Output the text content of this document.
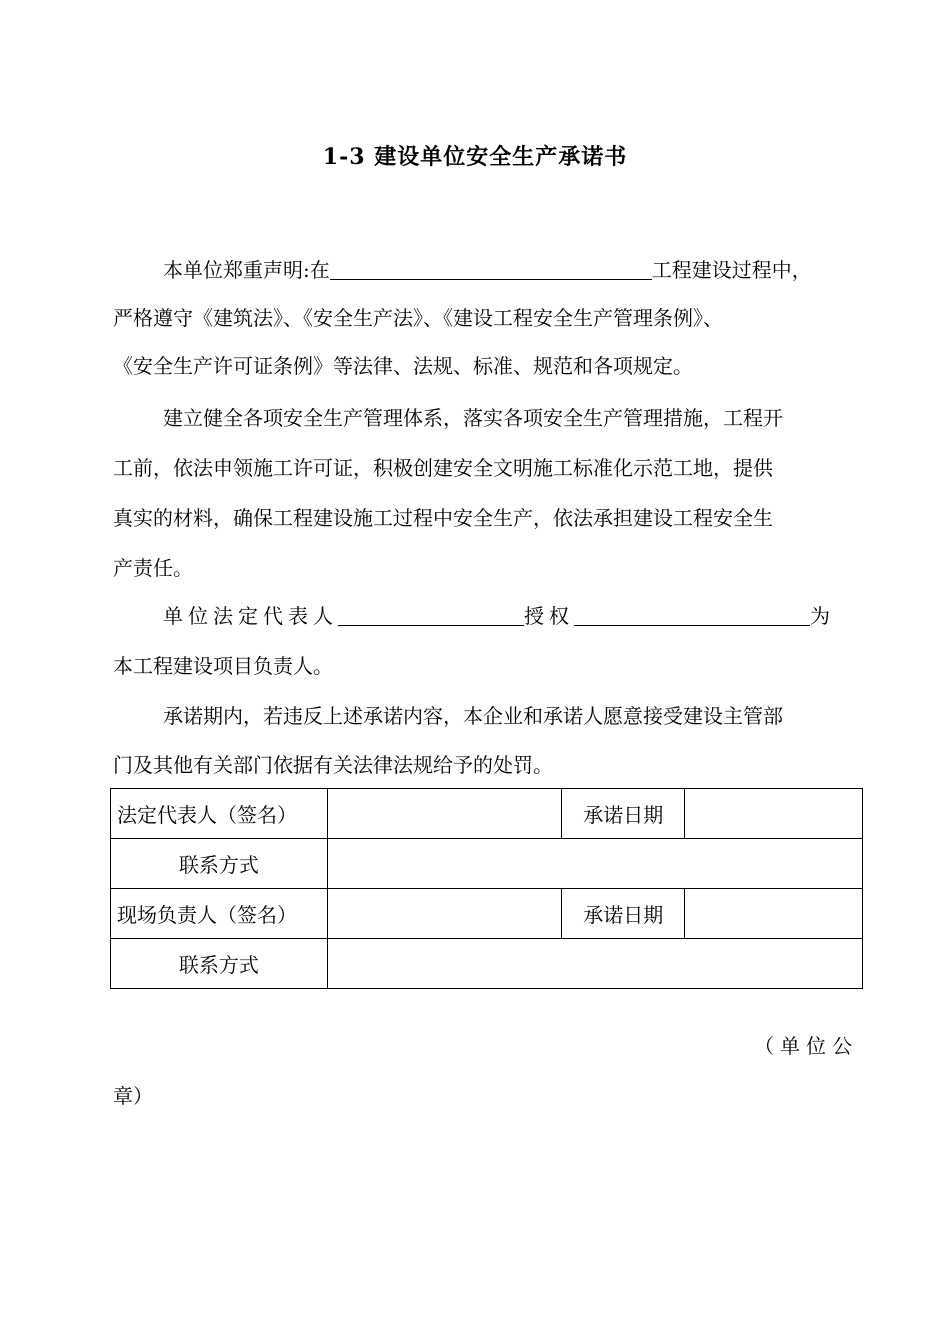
1-3 建设单位安全生产承诺书
本单位郑重声明:在	工程建设过程中，
严格遵守《建筑法》、《安全生产法》、《建设工程安全生产管理条例》、
《安全生产许可证条例》等法律、法规、标准、规范和各项规定。
建立健全各项安全生产管理体系，落实各项安全生产管理措施，工程开
工前，依法申领施工许可证，积极创建安全文明施工标准化示范工地，提供
真实的材料，确保工程建设施工过程中安全生产，依法承担建设工程安全生
产责任。
单位法定代表人	授权	为
本工程建设项目负责人。
承诺期内，若违反上述承诺内容，本企业和承诺人愿意接受建设主管部
门及其他有关部门依据有关法律法规给予的处罚。
法定代表人（签名）		承诺日期	
联系方式			
现场负责人（签名）		承诺日期	
联系方式			
（单位公
章）
